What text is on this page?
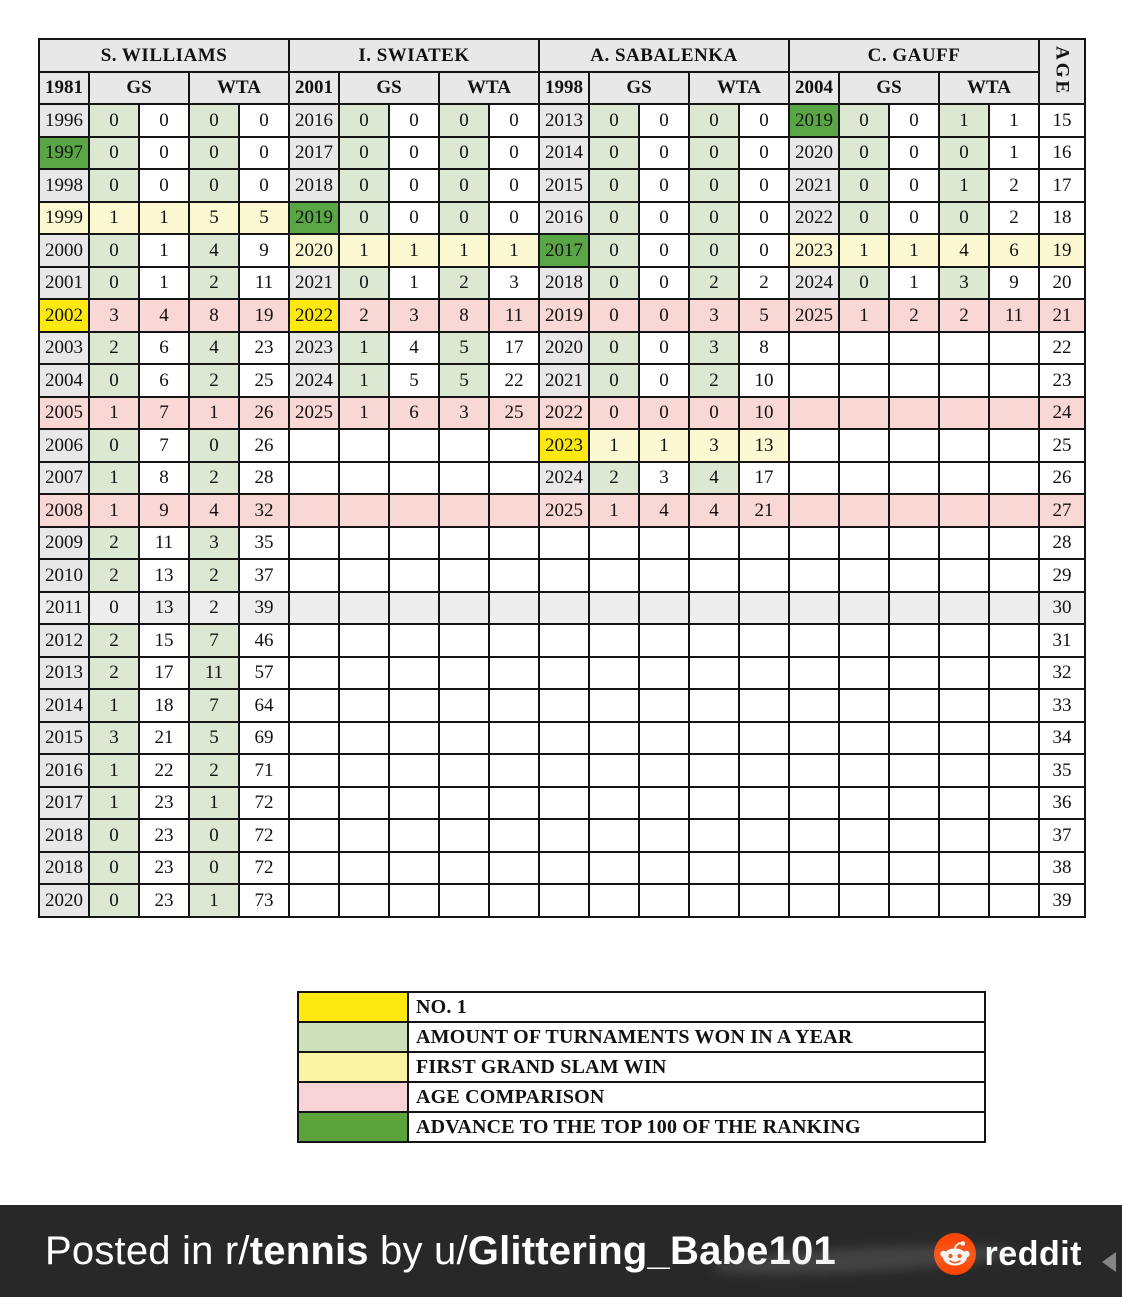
S. WILLIAMS					I. SWIATEK					A. SABALENKA					C. GAUFF					AGE
1981	GS		WTA		2001	GS		WTA		1998	GS		WTA		2004	GS		WTA		
1996	0	0	0	0	2016	0	0	0	0	2013	0	0	0	0	2019	0	0	1	1	15
1997	0	0	0	0	2017	0	0	0	0	2014	0	0	0	0	2020	0	0	0	1	16
1998	0	0	0	0	2018	0	0	0	0	2015	0	0	0	0	2021	0	0	1	2	17
1999	1	1	5	5	2019	0	0	0	0	2016	0	0	0	0	2022	0	0	0	2	18
2000	0	1	4	9	2020	1	1	1	1	2017	0	0	0	0	2023	1	1	4	6	19
2001	0	1	2	11	2021	0	1	2	3	2018	0	0	2	2	2024	0	1	3	9	20
2002	3	4	8	19	2022	2	3	8	11	2019	0	0	3	5	2025	1	2	2	11	21
2003	2	6	4	23	2023	1	4	5	17	2020	0	0	3	8						22
2004	0	6	2	25	2024	1	5	5	22	2021	0	0	2	10						23
2005	1	7	1	26	2025	1	6	3	25	2022	0	0	0	10						24
2006	0	7	0	26						2023	1	1	3	13						25
2007	1	8	2	28						2024	2	3	4	17						26
2008	1	9	4	32						2025	1	4	4	21						27
2009	2	11	3	35																28
2010	2	13	2	37																29
2011	0	13	2	39																30
2012	2	15	7	46																31
2013	2	17	11	57																32
2014	1	18	7	64																33
2015	3	21	5	69																34
2016	1	22	2	71																35
2017	1	23	1	72																36
2018	0	23	0	72																37
2018	0	23	0	72																38
2020	0	23	1	73																39
	NO. 1
	AMOUNT OF TURNAMENTS WON IN A YEAR
	FIRST GRAND SLAM WIN
	AGE COMPARISON
	ADVANCE TO THE TOP 100 OF THE RANKING
Posted in r/tennis by u/Glittering_Babe101	reddit
